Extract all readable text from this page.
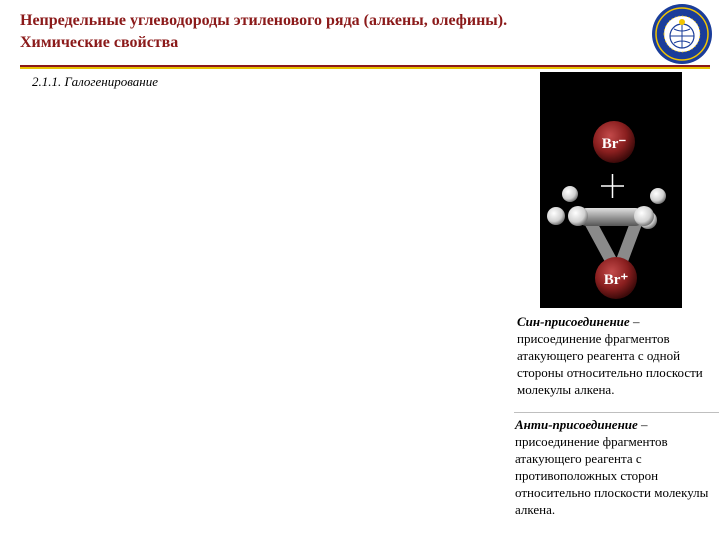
Непредельные углеводороды этиленового ряда (алкены, олефины).
Химические свойства
2.1.1. Галогенирование
Br⁻
Br⁺
Син-присоединение –
присоединение фрагментов атакующего реагента с одной стороны относительно плоскости молекулы алкена.
Анти-присоединение –
присоединение фрагментов атакующего реагента с противоположных сторон относительно плоскости молекулы алкена.
